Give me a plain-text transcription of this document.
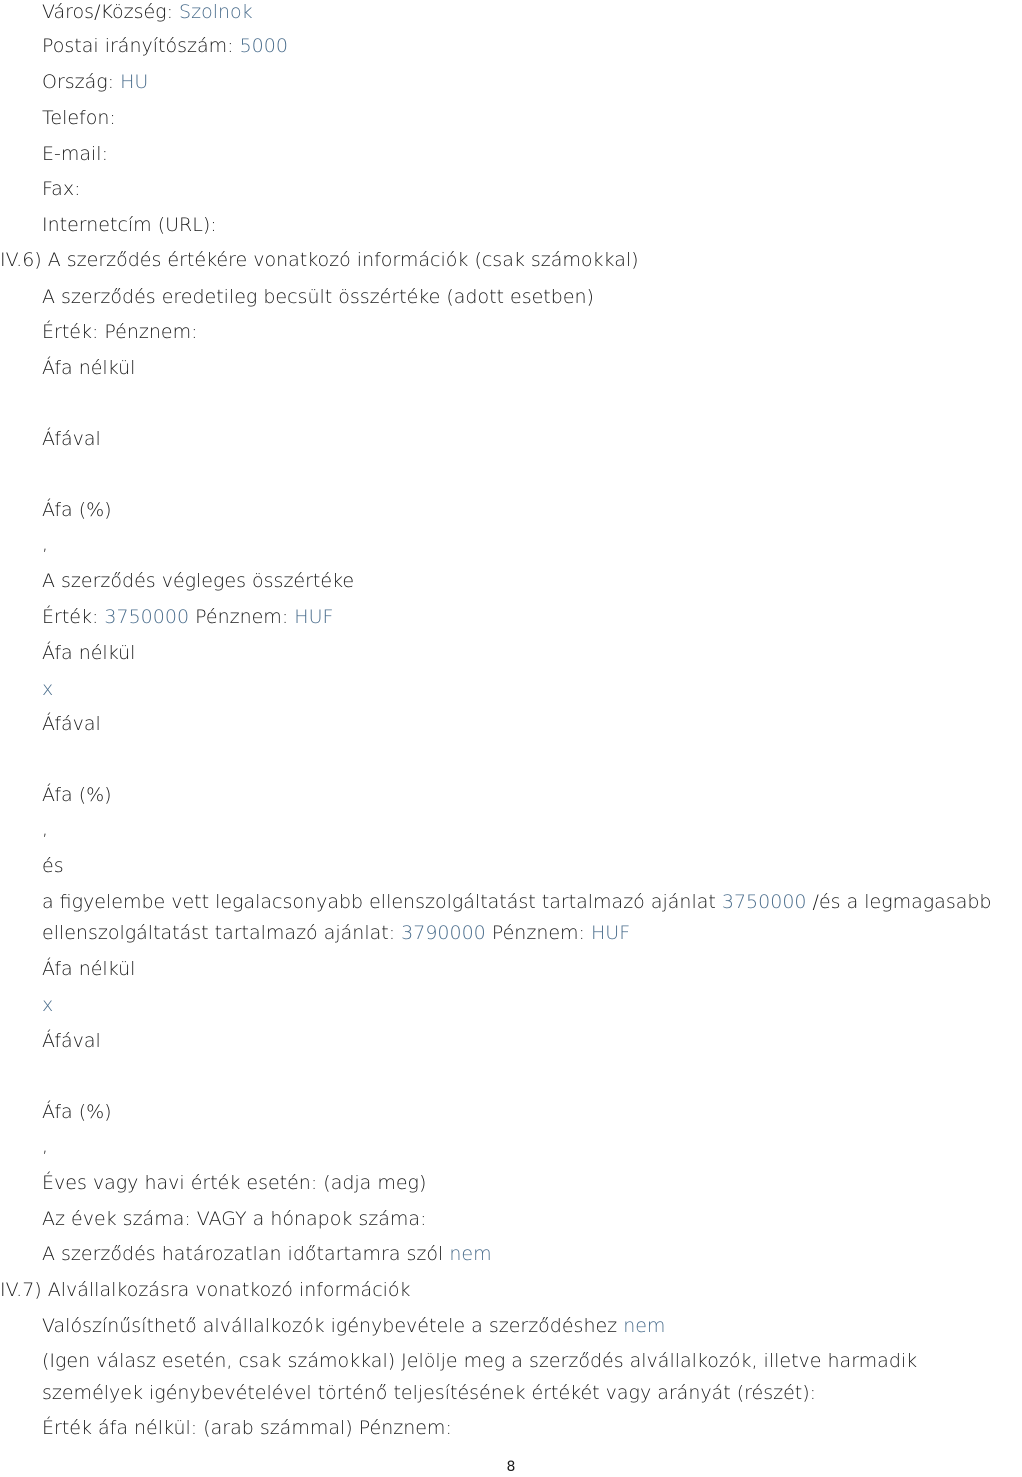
Város/Község: Szolnok
Postai irányítószám: 5000
Ország: HU
Telefon:
E-mail:
Fax:
Internetcím (URL):
IV.6) A szerződés értékére vonatkozó információk (csak számokkal)
A szerződés eredetileg becsült összértéke (adott esetben)
Érték: Pénznem:
Áfa nélkül
Áfával
Áfa (%)
,
A szerződés végleges összértéke
Érték: 3750000 Pénznem: HUF
Áfa nélkül
x
Áfával
Áfa (%)
,
és
a figyelembe vett legalacsonyabb ellenszolgáltatást tartalmazó ajánlat 3750000 /és a legmagasabb
ellenszolgáltatást tartalmazó ajánlat: 3790000 Pénznem: HUF
Áfa nélkül
x
Áfával
Áfa (%)
,
Éves vagy havi érték esetén: (adja meg)
Az évek száma: VAGY a hónapok száma:
A szerződés határozatlan időtartamra szól nem
IV.7) Alvállalkozásra vonatkozó információk
Valószínűsíthető alvállalkozók igénybevétele a szerződéshez nem
(Igen válasz esetén, csak számokkal) Jelölje meg a szerződés alvállalkozók, illetve harmadik
személyek igénybevételével történő teljesítésének értékét vagy arányát (részét):
Érték áfa nélkül: (arab számmal) Pénznem:
8
